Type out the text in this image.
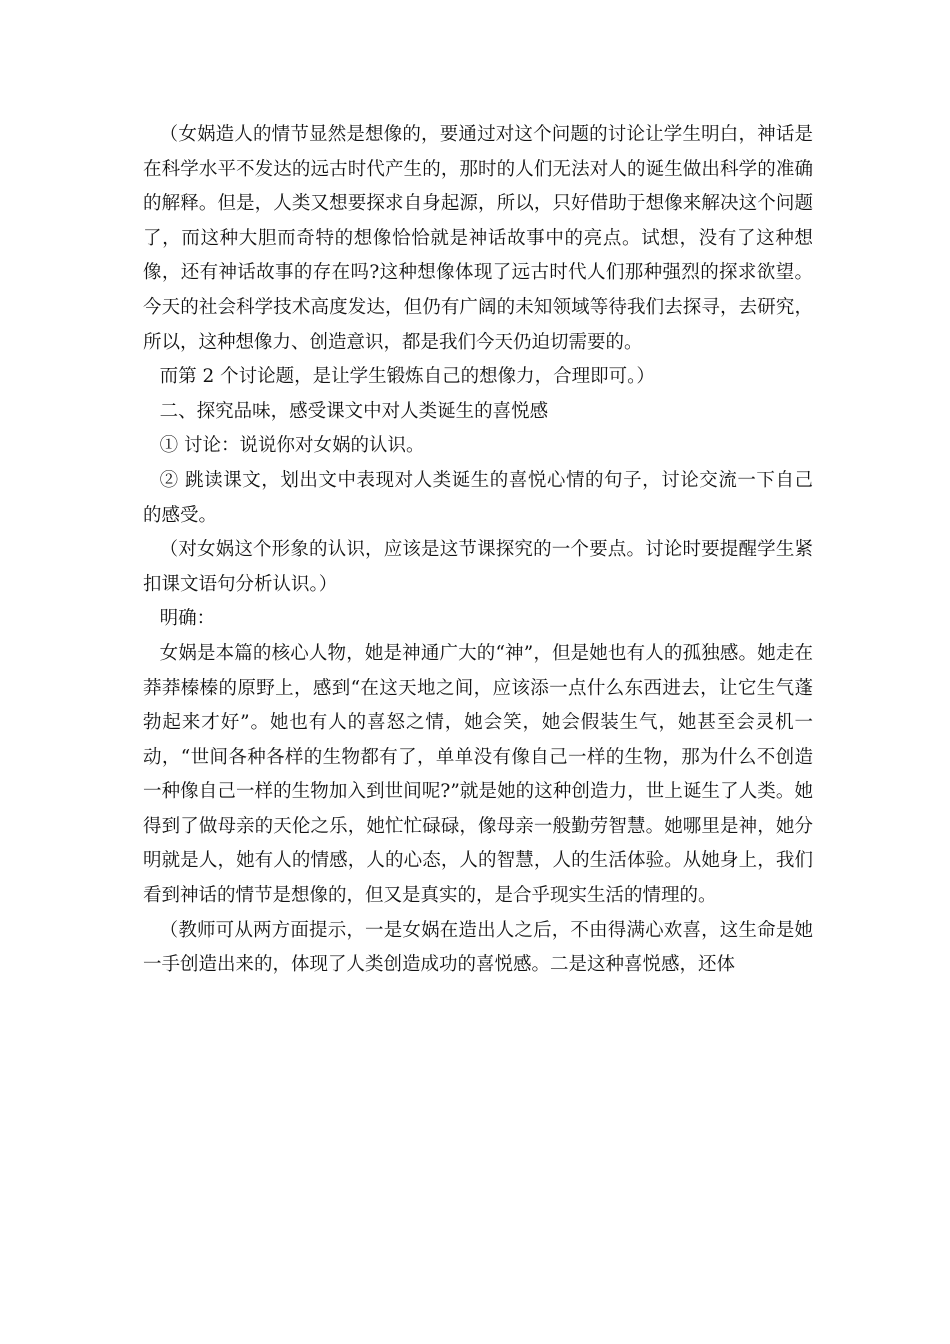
（女娲造人的情节显然是想像的，要通过对这个问题的讨论让学生明白，神话是在科学水平不发达的远古时代产生的，那时的人们无法对人的诞生做出科学的准确的解释。但是，人类又想要探求自身起源，所以，只好借助于想像来解决这个问题了，而这种大胆而奇特的想像恰恰就是神话故事中的亮点。试想，没有了这种想像，还有神话故事的存在吗?这种想像体现了远古时代人们那种强烈的探求欲望。今天的社会科学技术高度发达，但仍有广阔的未知领域等待我们去探寻，去研究，所以，这种想像力、创造意识，都是我们今天仍迫切需要的。

而第 2 个讨论题，是让学生锻炼自己的想像力，合理即可。）

二、探究品味，感受课文中对人类诞生的喜悦感

① 讨论：说说你对女娲的认识。

② 跳读课文，划出文中表现对人类诞生的喜悦心情的句子，讨论交流一下自己的感受。

（对女娲这个形象的认识，应该是这节课探究的一个要点。讨论时要提醒学生紧扣课文语句分析认识。）

明确：

女娲是本篇的核心人物，她是神通广大的“神”，但是她也有人的孤独感。她走在莽莽榛榛的原野上，感到“在这天地之间，应该添一点什么东西进去，让它生气蓬勃起来才好”。她也有人的喜怒之情，她会笑，她会假装生气，她甚至会灵机一动，“世间各种各样的生物都有了，单单没有像自己一样的生物，那为什么不创造一种像自己一样的生物加入到世间呢?”就是她的这种创造力，世上诞生了人类。她得到了做母亲的天伦之乐，她忙忙碌碌，像母亲一般勤劳智慧。她哪里是神，她分明就是人，她有人的情感，人的心态，人的智慧，人的生活体验。从她身上，我们看到神话的情节是想像的，但又是真实的，是合乎现实生活的情理的。

（教师可从两方面提示，一是女娲在造出人之后，不由得满心欢喜，这生命是她一手创造出来的，体现了人类创造成功的喜悦感。二是这种喜悦感，还体
